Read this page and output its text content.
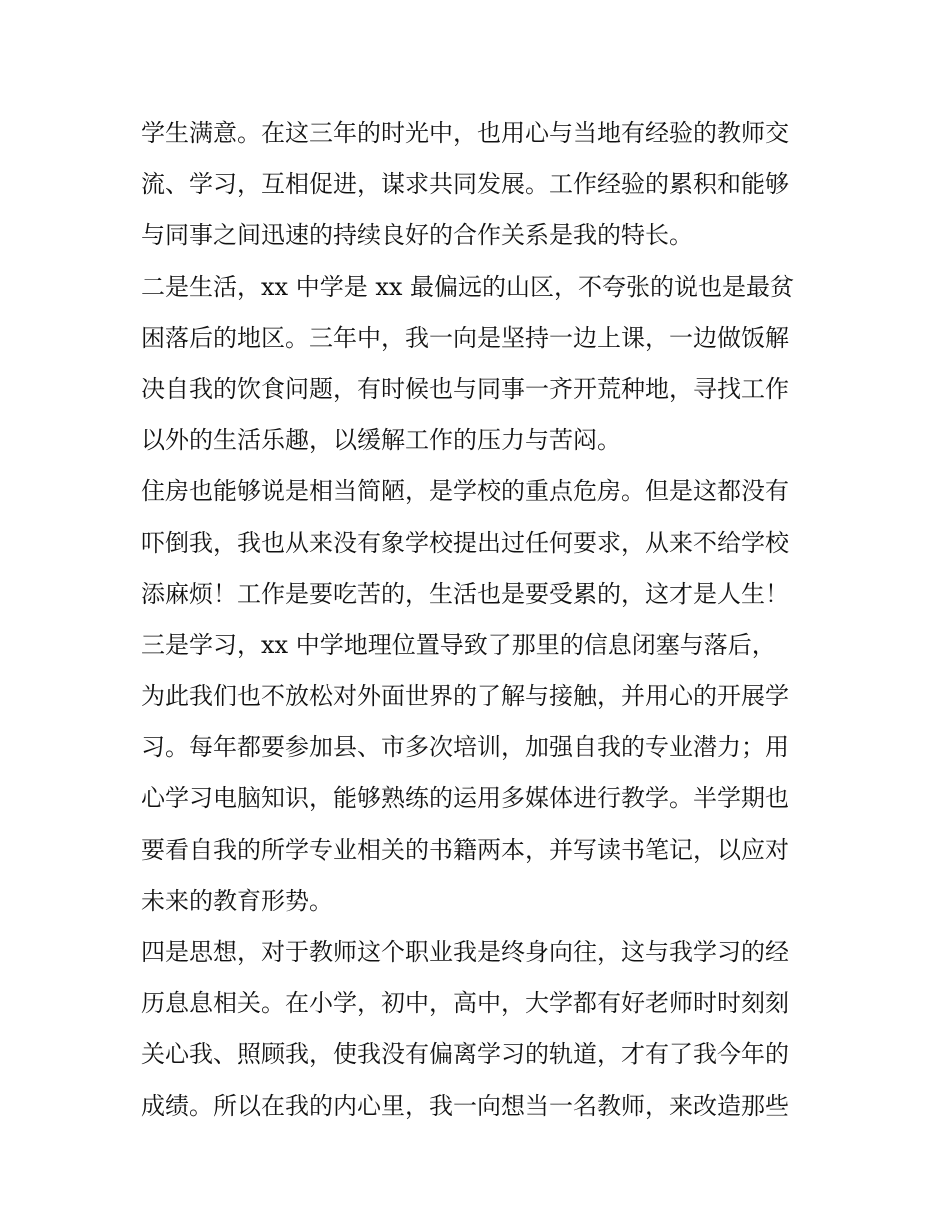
学生满意。在这三年的时光中，也用心与当地有经验的教师交
流、学习，互相促进，谋求共同发展。工作经验的累积和能够
与同事之间迅速的持续良好的合作关系是我的特长。
二是生活，xx 中学是 xx 最偏远的山区，不夸张的说也是最贫
困落后的地区。三年中，我一向是坚持一边上课，一边做饭解
决自我的饮食问题，有时候也与同事一齐开荒种地，寻找工作
以外的生活乐趣，以缓解工作的压力与苦闷。
住房也能够说是相当简陋，是学校的重点危房。但是这都没有
吓倒我，我也从来没有象学校提出过任何要求，从来不给学校
添麻烦！工作是要吃苦的，生活也是要受累的，这才是人生！
三是学习，xx 中学地理位置导致了那里的信息闭塞与落后，
为此我们也不放松对外面世界的了解与接触，并用心的开展学
习。每年都要参加县、市多次培训，加强自我的专业潜力；用
心学习电脑知识，能够熟练的运用多媒体进行教学。半学期也
要看自我的所学专业相关的书籍两本，并写读书笔记，以应对
未来的教育形势。
四是思想，对于教师这个职业我是终身向往，这与我学习的经
历息息相关。在小学，初中，高中，大学都有好老师时时刻刻
关心我、照顾我，使我没有偏离学习的轨道，才有了我今年的
成绩。所以在我的内心里，我一向想当一名教师，来改造那些
